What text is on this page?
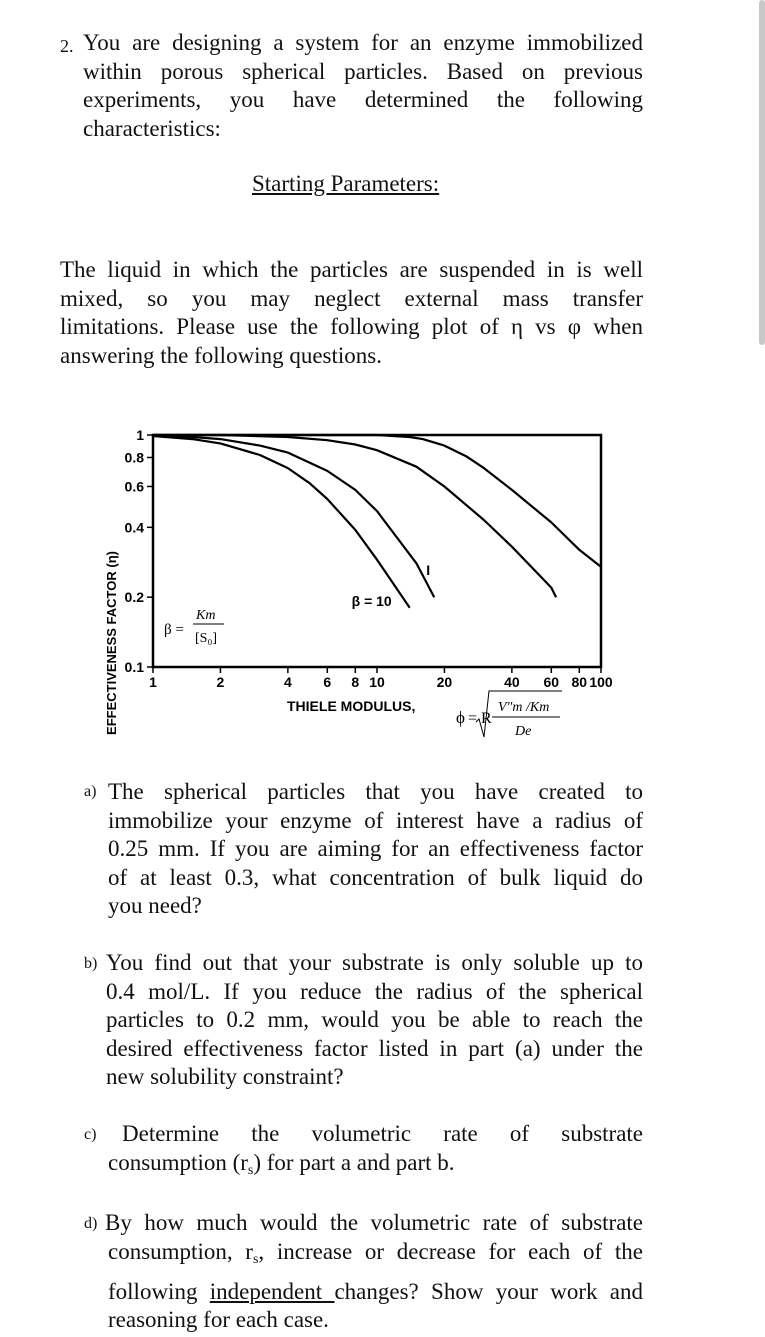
2. You are designing a system for an enzyme immobilized
within porous spherical particles. Based on previous
experiments, you have determined the following
characteristics:
Starting Parameters:
The liquid in which the particles are suspended in is well
mixed, so you may neglect external mass transfer
limitations. Please use the following plot of η vs φ when
answering the following questions.
0.1
0.2
0.4
0.6
0.8
1
1	2	4 6 8 10	20	40 60 80 100
β = 10
I
EFFECTIVENESS FACTOR (η)	β =
Km
[S₀]
THIELE MODULUS,
ϕ = R
V″m /Km
De
a) The spherical particles that you have created to
immobilize your enzyme of interest have a radius of
0.25 mm. If you are aiming for an effectiveness factor
of at least 0.3, what concentration of bulk liquid do
you need?
b) You find out that your substrate is only soluble up to
0.4 mol/L. If you reduce the radius of the spherical
particles to 0.2 mm, would you be able to reach the
desired effectiveness factor listed in part (a) under the
new solubility constraint?
c) Determine the volumetric rate of substrate
consumption $(r_s)$ for part a and part b.
d) By how much would the volumetric rate of substrate
consumption, $r_s$, increase or decrease for each of the
following independent changes? Show your work and
reasoning for each case.
